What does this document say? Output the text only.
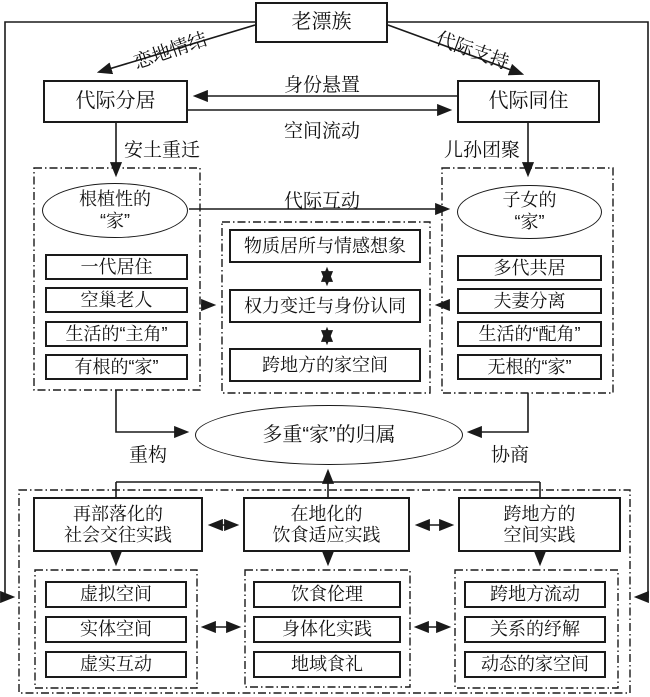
老漂族
恋地情结	代际支持
代际分居	代际同住
身份悬置
空间流动
安土重迁	儿孙团聚
代际互动
根植性的
“家”
一代居住
空巢老人
生活的“主角”
有根的“家”
物质居所与情感想象
权力变迁与身份认同
跨地方的家空间
子女的
“家”
多代共居
夫妻分离
生活的“配角”
无根的“家”
多重“家”的归属
重构	协商
再部落化的
社会交往实践
在地化的
饮食适应实践
跨地方的
空间实践
虚拟空间
实体空间
虚实互动
饮食伦理
身体化实践
地域食礼
跨地方流动
关系的纾解
动态的家空间
